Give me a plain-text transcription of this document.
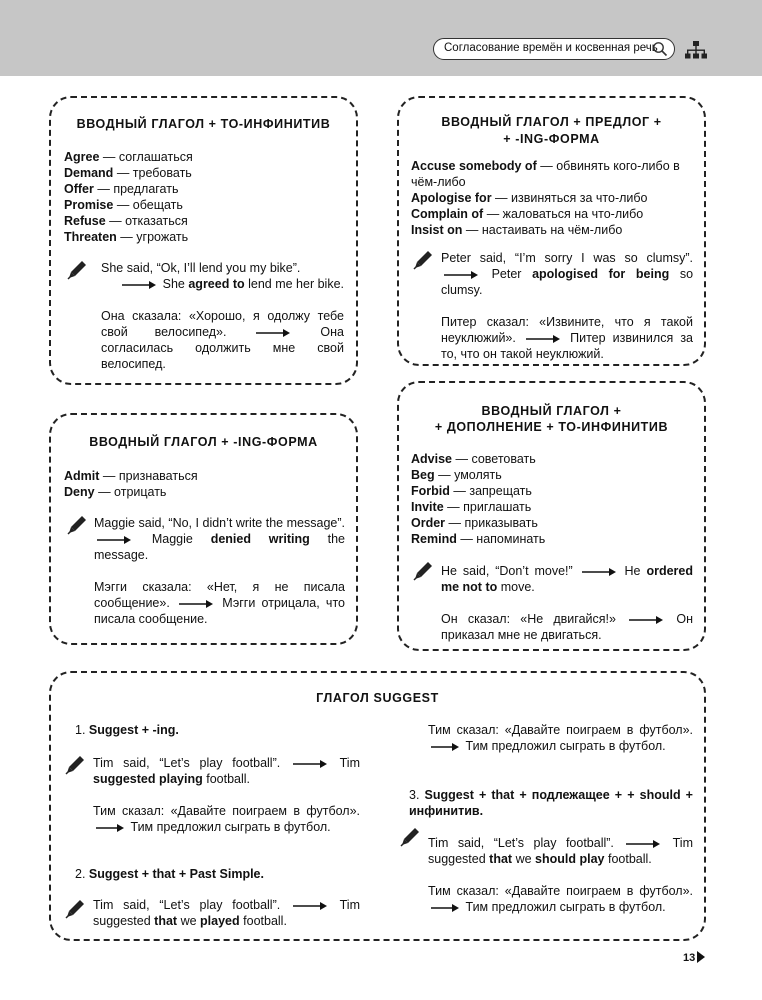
Согласование времён и косвенная речь
ВВОДНЫЙ ГЛАГОЛ + ТО-ИНФИНИТИВ
Agree — соглашаться
Demand — требовать
Offer — предлагать
Promise — обещать
Refuse — отказаться
Threaten — угрожать

She said, “Ok, I’ll lend you my bike”.
She agreed to lend me her bike.

Она сказала: «Хорошо, я одолжу тебе свой велосипед».	Она согласилась одолжить мне свой велосипед.

ВВОДНЫЙ ГЛАГОЛ + ПРЕДЛОГ +
+ -ING-ФОРМА
Accuse somebody of — обвинять кого-либо в чём-либо
Apologise for — извиняться за что-либо
Complain of — жаловаться на что-либо
Insist on — настаивать на чём-либо

Peter said, “I’m sorry I was so clumsy”.  Peter apologised for being so clumsy.

Питер сказал: «Извините, что я такой неуклюжий».	Питер извинился за то, что он такой неуклюжий.

ВВОДНЫЙ ГЛАГОЛ + -ING-ФОРМА
Admit — признаваться
Deny — отрицать

Maggie said, “No, I didn’t write the message”.  Maggie denied writing the message.

Мэгги сказала: «Нет, я не писала сообщение».	Мэгги отрицала, что писала сообщение.

ВВОДНЫЙ ГЛАГОЛ +
+ ДОПОЛНЕНИЕ + ТО-ИНФИНИТИВ
Advise — советовать
Beg — умолять
Forbid — запрещать
Invite — приглашать
Order — приказывать
Remind — напоминать

He said, “Don’t move!”	He ordered me not to move.

Он сказал: «Не двигайся!»	Он приказал мне не двигаться.

ГЛАГОЛ SUGGEST
1. Suggest + -ing.

Tim said, “Let’s play football”.	Tim suggested playing football.

Тим сказал: «Давайте поиграем в футбол».  Тим предложил сыграть в футбол.

2. Suggest + that + Past Simple.

Tim said, “Let’s play football”.	Tim suggested that we played football.

Тим сказал: «Давайте поиграем в футбол».  Тим предложил сыграть в футбол.

3. Suggest + that + подлежащее + + should + инфинитив.

Tim said, “Let’s play football”.	Tim suggested that we should play football.

Тим сказал: «Давайте поиграем в футбол».  Тим предложил сыграть в футбол.

13
